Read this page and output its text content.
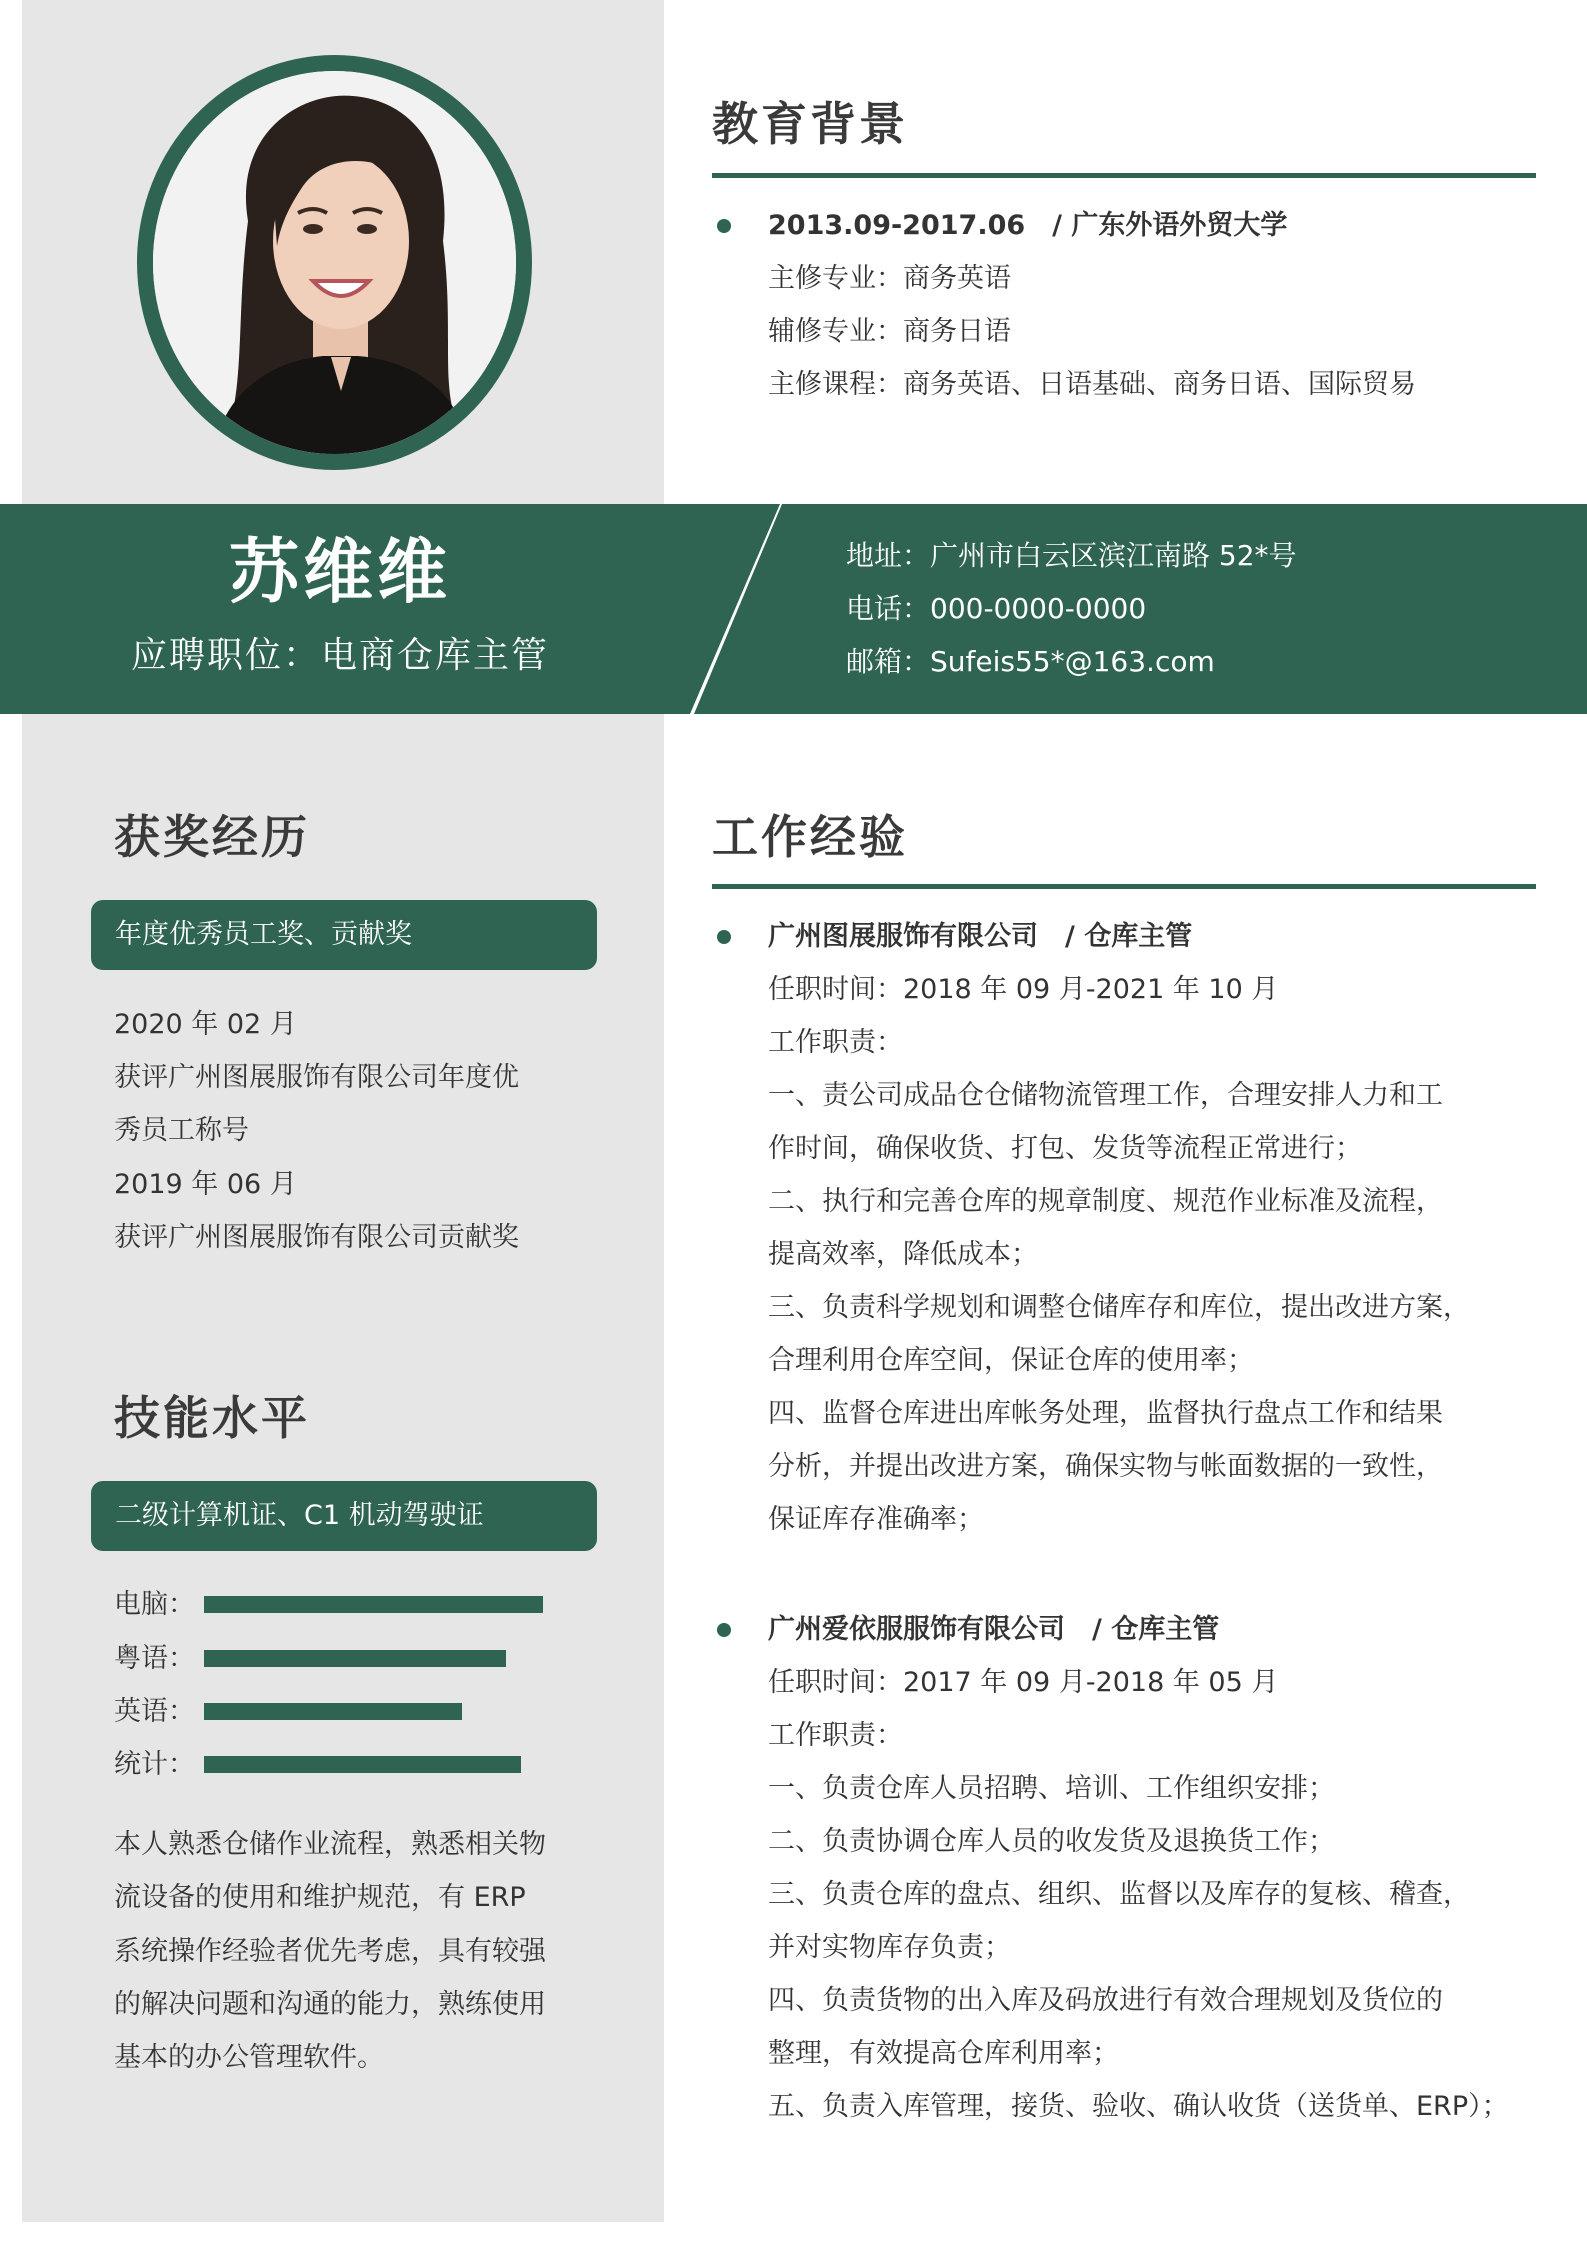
苏维维
应聘职位：电商仓库主管
地址：广州市白云区滨江南路 52*号
电话：000-0000-0000
邮箱：Sufeis55*@163.com
教育背景
2013.09-2017.06　/ 广东外语外贸大学
主修专业：商务英语
辅修专业：商务日语
主修课程：商务英语、日语基础、商务日语、国际贸易
获奖经历
年度优秀员工奖、贡献奖
2020 年 02 月
获评广州图展服饰有限公司年度优
秀员工称号
2019 年 06 月
获评广州图展服饰有限公司贡献奖
技能水平
二级计算机证、C1 机动驾驶证
电脑：
粤语：
英语：
统计：
本人熟悉仓储作业流程，熟悉相关物
流设备的使用和维护规范，有 ERP
系统操作经验者优先考虑，具有较强
的解决问题和沟通的能力，熟练使用
基本的办公管理软件。
工作经验
广州图展服饰有限公司　/ 仓库主管
任职时间：2018 年 09 月-2021 年 10 月
工作职责：
一、责公司成品仓仓储物流管理工作，合理安排人力和工
作时间，确保收货、打包、发货等流程正常进行；
二、执行和完善仓库的规章制度、规范作业标准及流程，
提高效率，降低成本；
三、负责科学规划和调整仓储库存和库位，提出改进方案，
合理利用仓库空间，保证仓库的使用率；
四、监督仓库进出库帐务处理，监督执行盘点工作和结果
分析，并提出改进方案，确保实物与帐面数据的一致性，
保证库存准确率；
广州爱依服服饰有限公司　/ 仓库主管
任职时间：2017 年 09 月-2018 年 05 月
工作职责：
一、负责仓库人员招聘、培训、工作组织安排；
二、负责协调仓库人员的收发货及退换货工作；
三、负责仓库的盘点、组织、监督以及库存的复核、稽查，
并对实物库存负责；
四、负责货物的出入库及码放进行有效合理规划及货位的
整理，有效提高仓库利用率；
五、负责入库管理，接货、验收、确认收货（送货单、ERP）；
